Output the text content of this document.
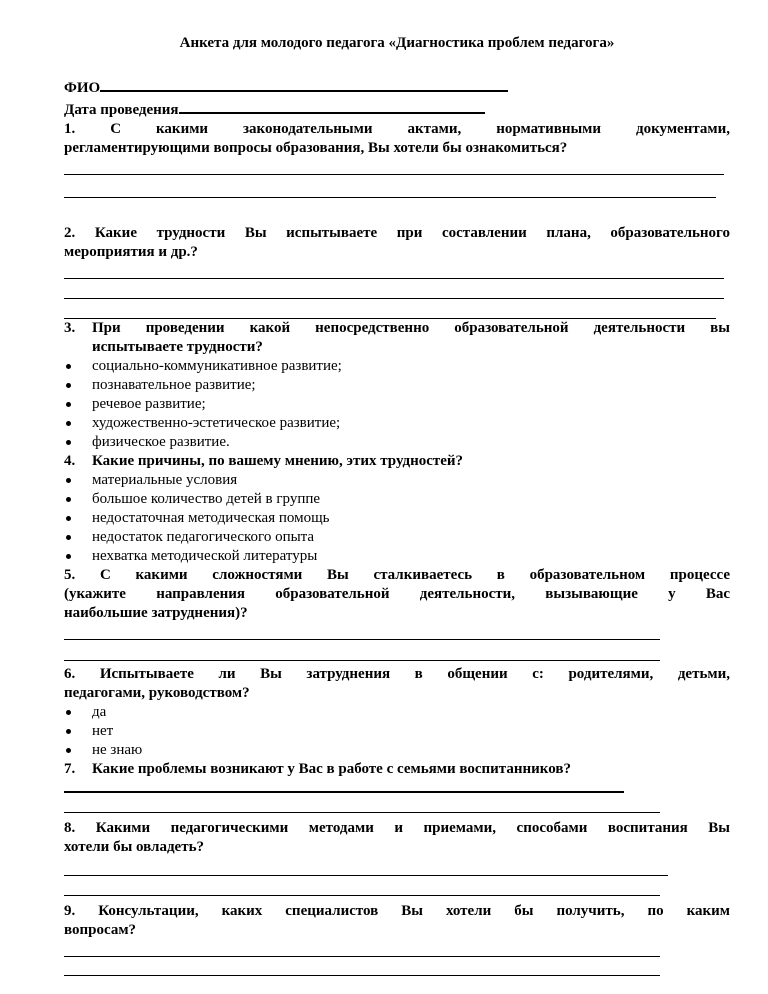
Анкета для молодого педагога «Диагностика проблем педагога»
ФИО
Дата проведения
1. С какими законодательными актами, нормативными документами,
регламентирующими вопросы образования, Вы хотели бы ознакомиться?
2. Какие трудности Вы испытываете при составлении плана, образовательного
мероприятия и др.?
3. При проведении какой непосредственно образовательной деятельности вы
испытываете трудности?
социально-коммуникативное развитие;
познавательное развитие;
речевое развитие;
художественно-эстетическое развитие;
физическое развитие.
4. Какие причины, по вашему мнению, этих трудностей?
материальные условия
большое количество детей в группе
недостаточная методическая помощь
недостаток педагогического опыта
нехватка методической литературы
5. С какими сложностями Вы сталкиваетесь в образовательном процессе
(укажите направления образовательной деятельности, вызывающие у Вас
наибольшие затруднения)?
6. Испытываете ли Вы затруднения в общении с: родителями, детьми,
педагогами, руководством?
да
нет
не знаю
7. Какие проблемы возникают у Вас в работе с семьями воспитанников?
8. Какими педагогическими методами и приемами, способами воспитания Вы
хотели бы овладеть?
9. Консультации, каких специалистов Вы хотели бы получить, по каким
вопросам?
